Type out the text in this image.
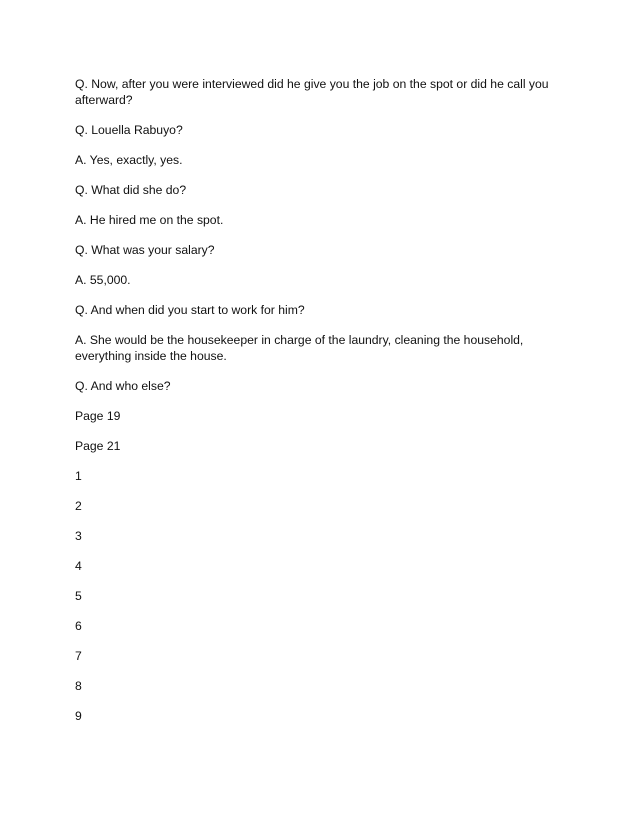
Q. Now, after you were interviewed did he give you the job on the spot or did he call you afterward?

Q. Louella Rabuyo?

A. Yes, exactly, yes.

Q. What did she do?

A. He hired me on the spot.

Q. What was your salary?

A. 55,000.

Q. And when did you start to work for him?

A. She would be the housekeeper in charge of the laundry, cleaning the household, everything inside the house.

Q. And who else?

Page 19

Page 21

1

2

3

4

5

6

7

8

9
